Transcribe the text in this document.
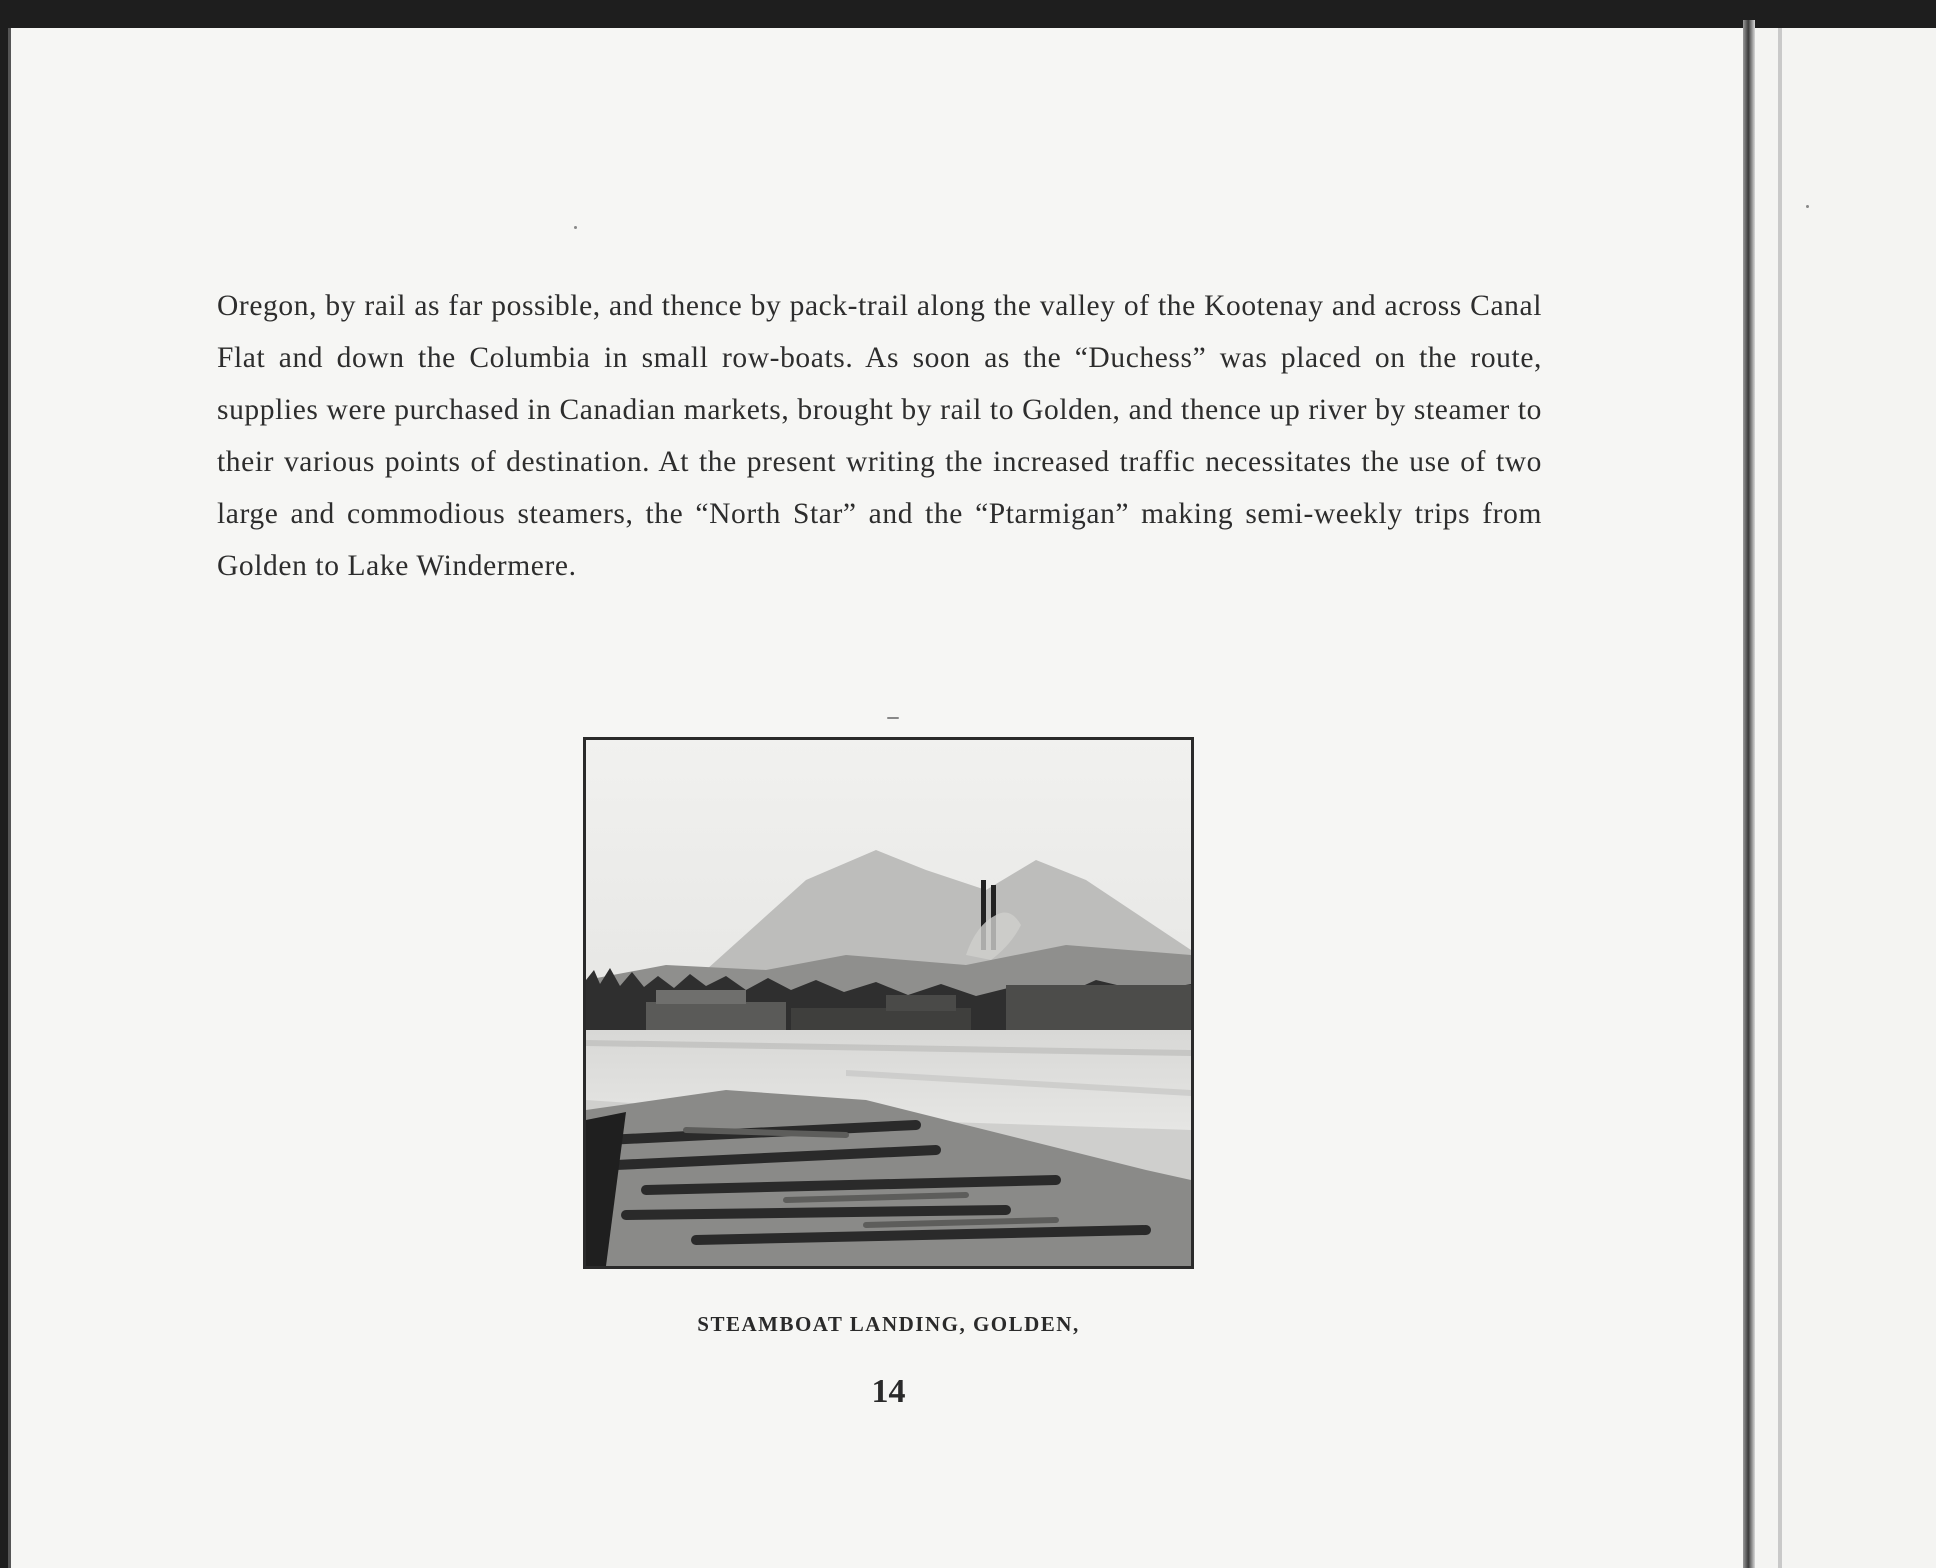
Oregon, by rail as far possible, and thence by pack-trail along the valley of the Kootenay and across Canal Flat and down the Columbia in small row-boats. As soon as the “Duchess” was placed on the route, supplies were purchased in Canadian markets, brought by rail to Golden, and thence up river by steamer to their various points of destination. At the present writing the increased traffic necessitates the use of two large and commodious steamers, the “North Star” and the “Ptarmigan” making semi-weekly trips from Golden to Lake Windermere.

STEAMBOAT LANDING, GOLDEN,
14
